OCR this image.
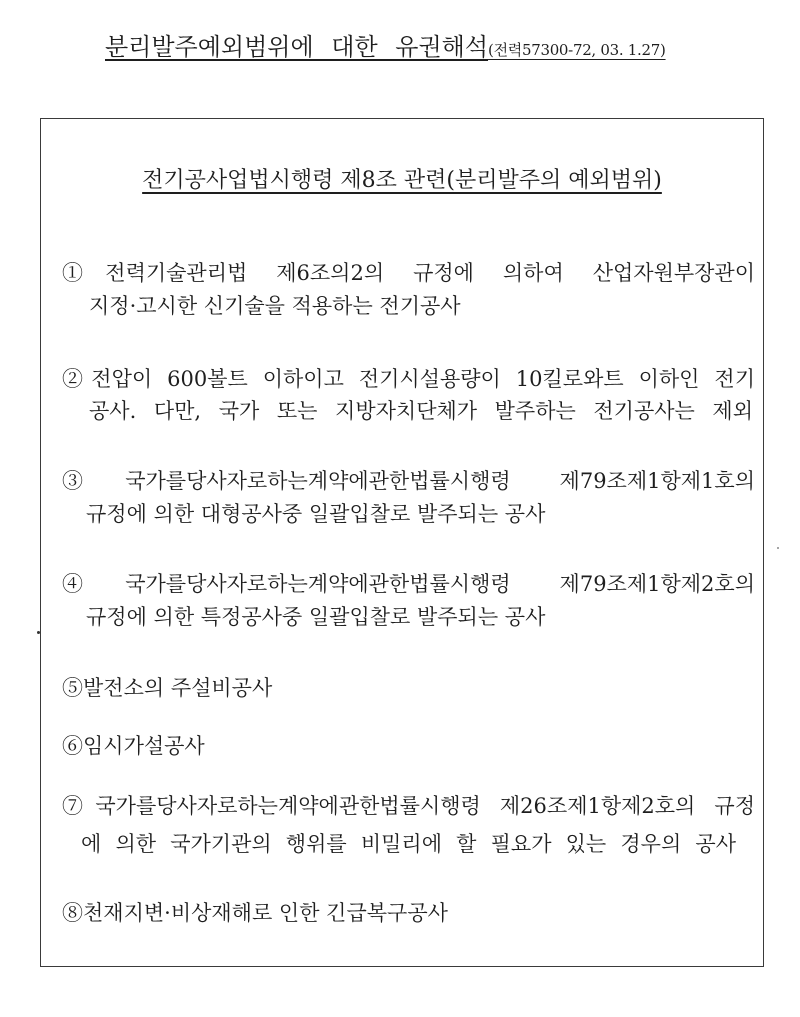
분리발주예외범위에 대한 유권해석 (전력57300-72, 03. 1.27)
전기공사업법시행령 제8조 관련(분리발주의 예외범위)
①전력기술관리법 제6조의2의 규정에 의하여 산업자원부장관이
지정·고시한 신기술을 적용하는 전기공사
②전압이 600볼트 이하이고 전기시설용량이 10킬로와트 이하인 전기
공사. 다만, 국가 또는 지방자치단체가 발주하는 전기공사는 제외
③국가를당사자로하는계약에관한법률시행령 제79조제1항제1호의
규정에 의한 대형공사중 일괄입찰로 발주되는 공사
④국가를당사자로하는계약에관한법률시행령 제79조제1항제2호의
규정에 의한 특정공사중 일괄입찰로 발주되는 공사
⑤발전소의 주설비공사
⑥임시가설공사
⑦국가를당사자로하는계약에관한법률시행령 제26조제1항제2호의 규정
에 의한 국가기관의 행위를 비밀리에 할 필요가 있는 경우의 공사
⑧천재지변·비상재해로 인한 긴급복구공사
